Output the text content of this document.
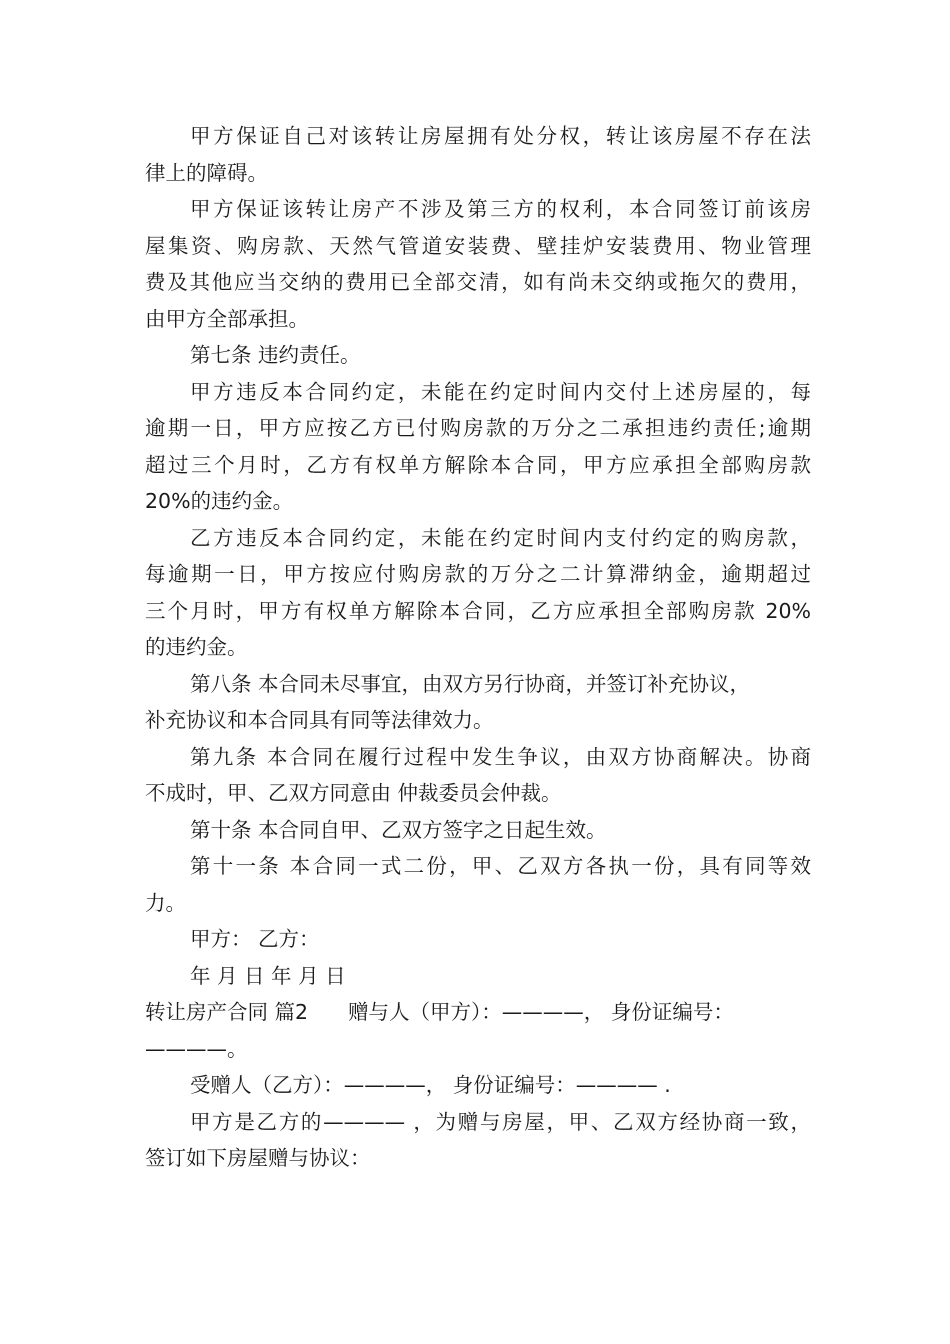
甲方保证自己对该转让房屋拥有处分权，转让该房屋不存在法
律上的障碍。
甲方保证该转让房产不涉及第三方的权利，本合同签订前该房
屋集资、购房款、天然气管道安装费、壁挂炉安装费用、物业管理
费及其他应当交纳的费用已全部交清，如有尚未交纳或拖欠的费用，
由甲方全部承担。
第七条 违约责任。
甲方违反本合同约定，未能在约定时间内交付上述房屋的，每
逾期一日，甲方应按乙方已付购房款的万分之二承担违约责任;逾期
超过三个月时，乙方有权单方解除本合同，甲方应承担全部购房款
20%的违约金。
乙方违反本合同约定，未能在约定时间内支付约定的购房款，
每逾期一日，甲方按应付购房款的万分之二计算滞纳金，逾期超过
三个月时，甲方有权单方解除本合同，乙方应承担全部购房款 20%
的违约金。
第八条 本合同未尽事宜，由双方另行协商，并签订补充协议，
补充协议和本合同具有同等法律效力。
第九条 本合同在履行过程中发生争议，由双方协商解决。协商
不成时，甲、乙双方同意由 仲裁委员会仲裁。
第十条 本合同自甲、乙双方签字之日起生效。
第十一条 本合同一式二份，甲、乙双方各执一份，具有同等效
力。
甲方： 乙方：
年 月 日 年 月 日
转让房产合同 篇2 赠与人（甲方）：————， 身份证编号：
————。
受赠人（乙方）：————， 身份证编号：———— .
甲方是乙方的———— ，为赠与房屋，甲、乙双方经协商一致，
签订如下房屋赠与协议：
